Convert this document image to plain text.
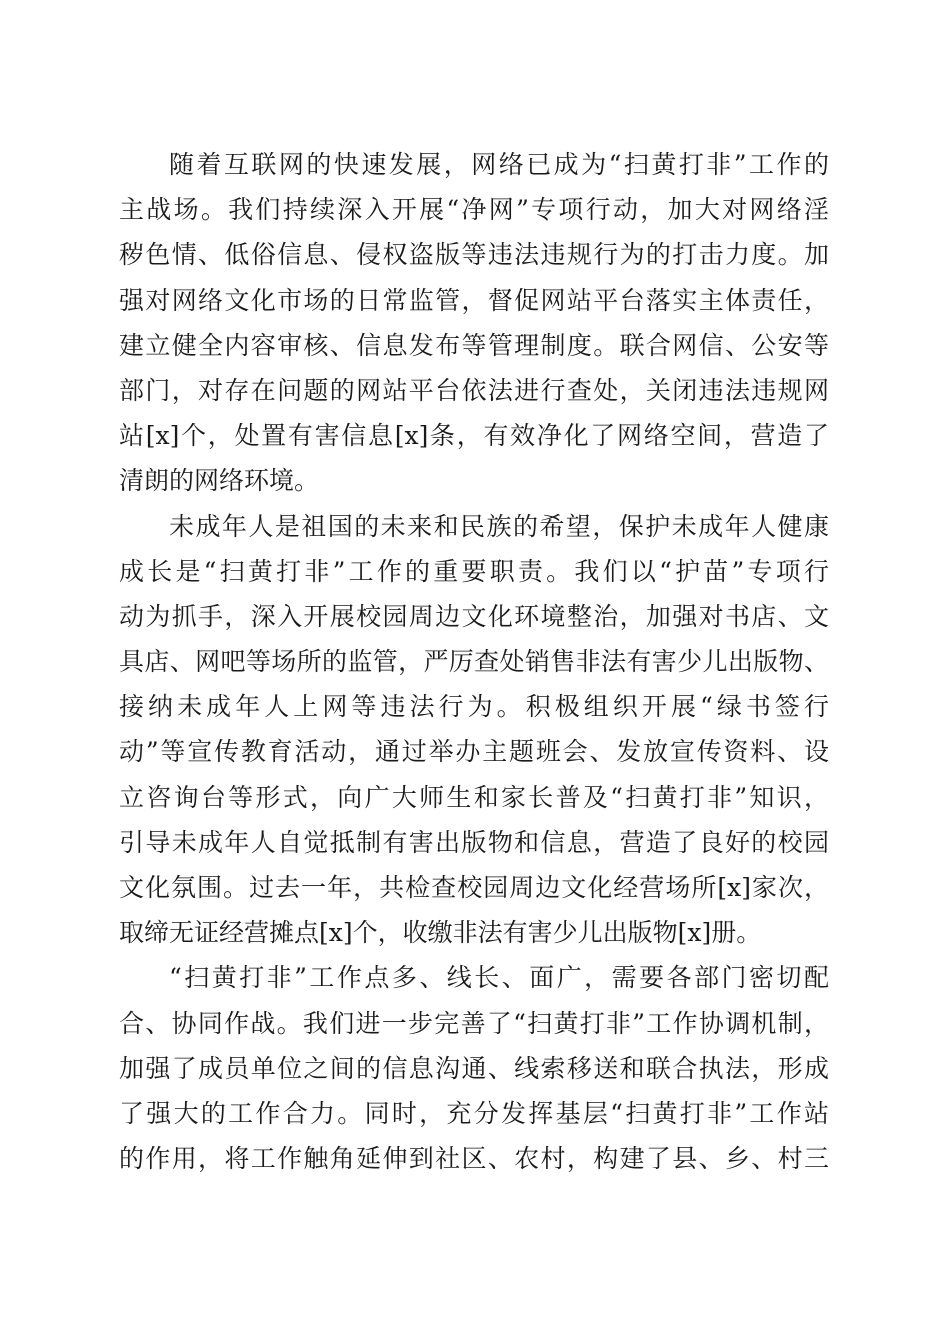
随着互联网的快速发展，网络已成为“扫黄打非”工作的
主战场。我们持续深入开展“净网”专项行动，加大对网络淫
秽色情、低俗信息、侵权盗版等违法违规行为的打击力度。加
强对网络文化市场的日常监管，督促网站平台落实主体责任，
建立健全内容审核、信息发布等管理制度。联合网信、公安等
部门，对存在问题的网站平台依法进行查处，关闭违法违规网
站[x]个，处置有害信息[x]条，有效净化了网络空间，营造了
清朗的网络环境。
未成年人是祖国的未来和民族的希望，保护未成年人健康
成长是“扫黄打非”工作的重要职责。我们以“护苗”专项行
动为抓手，深入开展校园周边文化环境整治，加强对书店、文
具店、网吧等场所的监管，严厉查处销售非法有害少儿出版物、
接纳未成年人上网等违法行为。积极组织开展“绿书签行
动”等宣传教育活动，通过举办主题班会、发放宣传资料、设
立咨询台等形式，向广大师生和家长普及“扫黄打非”知识，
引导未成年人自觉抵制有害出版物和信息，营造了良好的校园
文化氛围。过去一年，共检查校园周边文化经营场所[x]家次，
取缔无证经营摊点[x]个，收缴非法有害少儿出版物[x]册。
“扫黄打非”工作点多、线长、面广，需要各部门密切配
合、协同作战。我们进一步完善了“扫黄打非”工作协调机制，
加强了成员单位之间的信息沟通、线索移送和联合执法，形成
了强大的工作合力。同时，充分发挥基层“扫黄打非”工作站
的作用，将工作触角延伸到社区、农村，构建了县、乡、村三
